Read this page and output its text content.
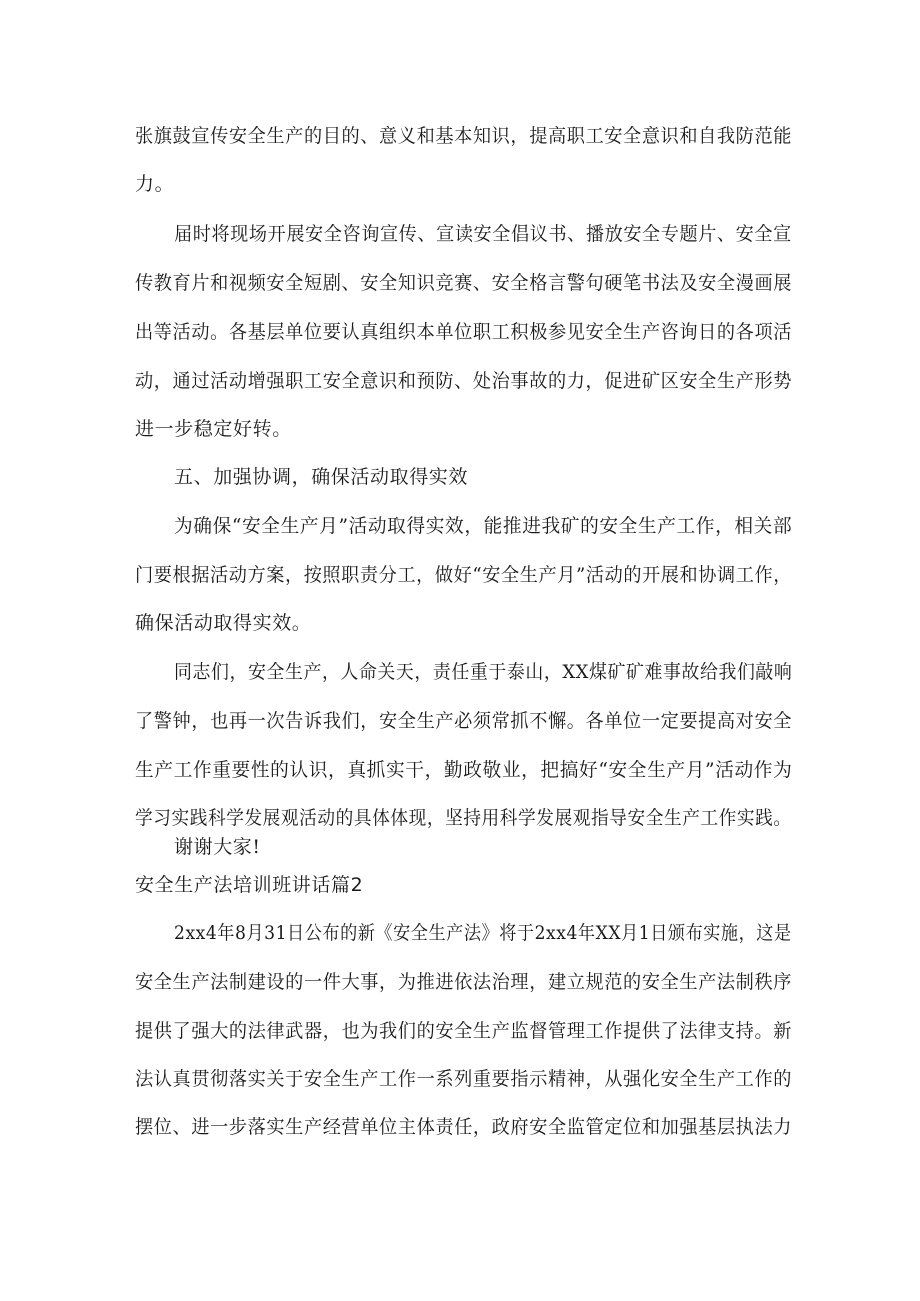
张旗鼓宣传安全生产的目的、意义和基本知识，提高职工安全意识和自我防范能
力。
届时将现场开展安全咨询宣传、宣读安全倡议书、播放安全专题片、安全宣
传教育片和视频安全短剧、安全知识竞赛、安全格言警句硬笔书法及安全漫画展
出等活动。各基层单位要认真组织本单位职工积极参见安全生产咨询日的各项活
动，通过活动增强职工安全意识和预防、处治事故的力，促进矿区安全生产形势
进一步稳定好转。
五、加强协调，确保活动取得实效
为确保“安全生产月”活动取得实效，能推进我矿的安全生产工作，相关部
门要根据活动方案，按照职责分工，做好“安全生产月”活动的开展和协调工作，
确保活动取得实效。
同志们，安全生产，人命关天，责任重于泰山，XX煤矿矿难事故给我们敲响
了警钟，也再一次告诉我们，安全生产必须常抓不懈。各单位一定要提高对安全
生产工作重要性的认识，真抓实干，勤政敬业，把搞好“安全生产月”活动作为
学习实践科学发展观活动的具体体现，坚持用科学发展观指导安全生产工作实践。
谢谢大家!
安全生产法培训班讲话篇2
2xx4年8月31日公布的新《安全生产法》将于2xx4年XX月1日颁布实施，这是
安全生产法制建设的一件大事，为推进依法治理，建立规范的安全生产法制秩序
提供了强大的法律武器，也为我们的安全生产监督管理工作提供了法律支持。新
法认真贯彻落实关于安全生产工作一系列重要指示精神，从强化安全生产工作的
摆位、进一步落实生产经营单位主体责任，政府安全监管定位和加强基层执法力
